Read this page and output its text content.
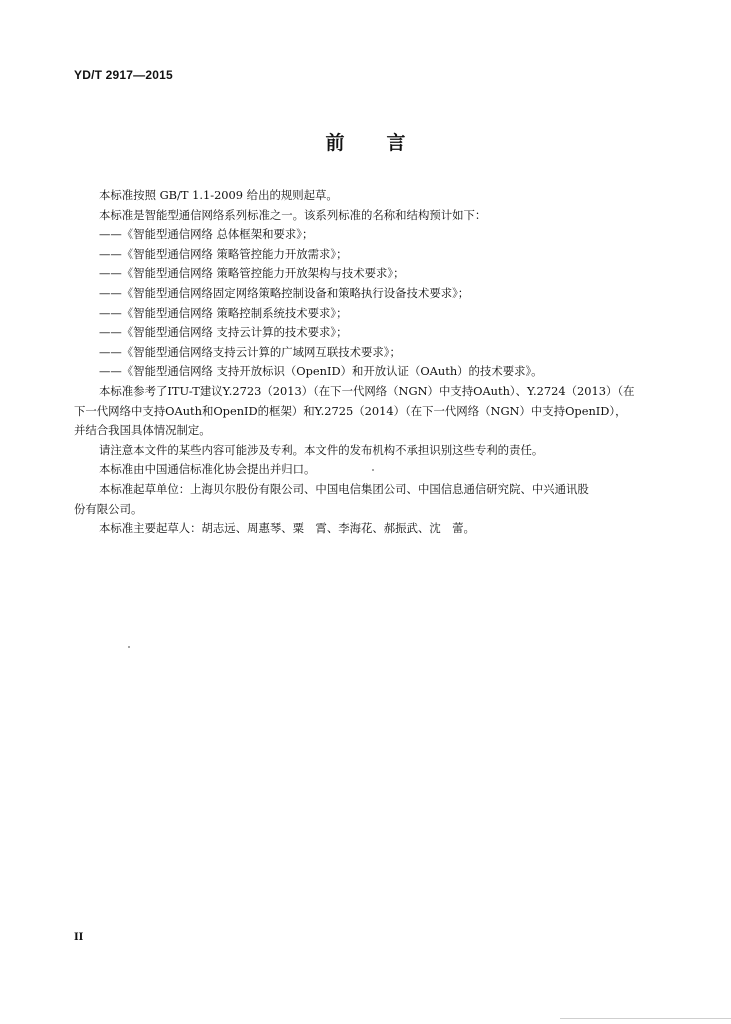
YD/T 2917—2015
前 言
本标准按照 GB/T 1.1-2009 给出的规则起草。
本标准是智能型通信网络系列标准之一。该系列标准的名称和结构预计如下：
——《智能型通信网络 总体框架和要求》；
——《智能型通信网络 策略管控能力开放需求》；
——《智能型通信网络 策略管控能力开放架构与技术要求》；
——《智能型通信网络固定网络策略控制设备和策略执行设备技术要求》；
——《智能型通信网络 策略控制系统技术要求》；
——《智能型通信网络 支持云计算的技术要求》；
——《智能型通信网络支持云计算的广域网互联技术要求》；
——《智能型通信网络 支持开放标识（OpenID）和开放认证（OAuth）的技术要求》。
本标准参考了ITU-T建议Y.2723（2013）（在下一代网络（NGN）中支持OAuth）、Y.2724（2013）（在
下一代网络中支持OAuth和OpenID的框架）和Y.2725（2014）（在下一代网络（NGN）中支持OpenID），
并结合我国具体情况制定。
请注意本文件的某些内容可能涉及专利。本文件的发布机构不承担识别这些专利的责任。
本标准由中国通信标准化协会提出并归口。
本标准起草单位：上海贝尔股份有限公司、中国电信集团公司、中国信息通信研究院、中兴通讯股
份有限公司。
本标准主要起草人：胡志远、周惠琴、粟　霄、李海花、郝振武、沈　蕾。
II
